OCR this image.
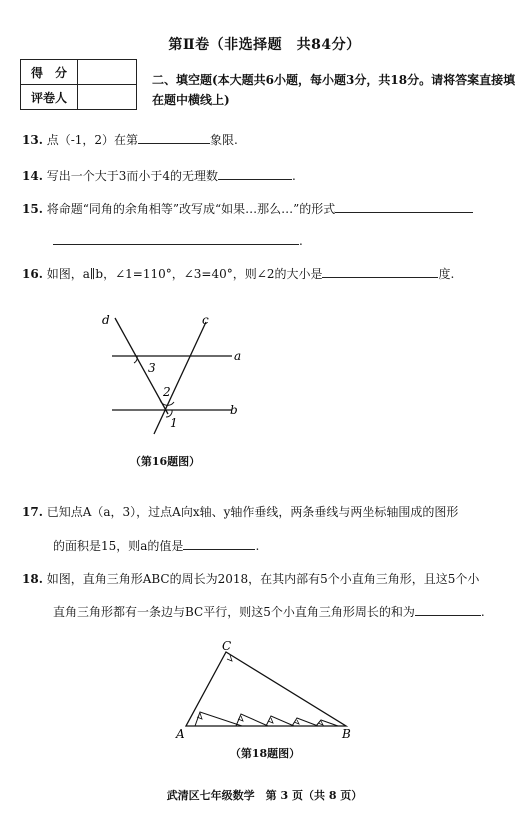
第Ⅱ卷（非选择题　共84分）
得　分	
评卷人	
二、填空题(本大题共6小题，每小题3分，共18分。请将答案直接填在题中横线上)
13. 点（-1，2）在第	象限.
14. 写出一个大于3而小于4的无理数	.
15. 将命题“同角的余角相等”改写成“如果…那么…”的形式
.
16. 如图，a∥b，∠1=110°，∠3=40°，则∠2的大小是	度.
d	c
a
b
3
2
1
（第16题图）
17. 已知点A（a，3），过点A向x轴、y轴作垂线，两条垂线与两坐标轴围成的图形
的面积是15，则a的值是	.
18. 如图，直角三角形ABC的周长为2018，在其内部有5个小直角三角形，且这5个小
直角三角形都有一条边与BC平行，则这5个小直角三角形周长的和为	.
C
A	B
（第18题图）
武清区七年级数学　第 3 页（共 8 页）
